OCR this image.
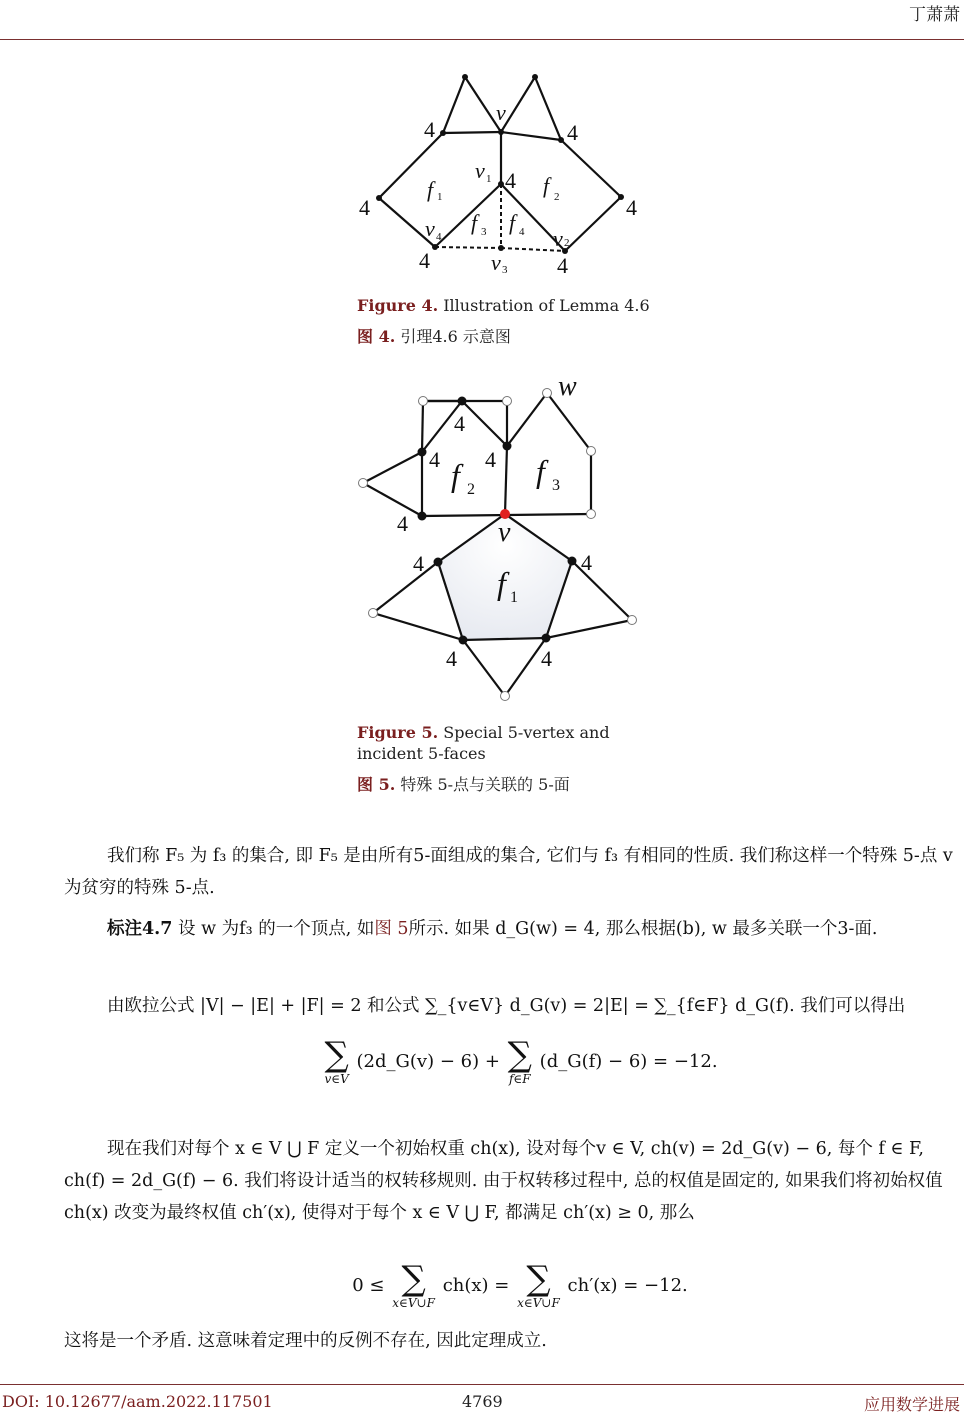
丁萧萧
v
v 1
v 2
v 3
v 4
f 1	f 2
f 3 f 4
4	4
4	4
4
4	4
Figure 4. Illustration of Lemma 4.6
图 4. 引理4.6 示意图
w
v
f 2
f 3
f 1
4
4 4
4
4	4
4	4
Figure 5. Special 5-vertex and
incident 5-faces
图 5. 特殊 5-点与关联的 5-面
我们称 F₅ 为 f₃ 的集合, 即 F₅ 是由所有5-面组成的集合, 它们与 f₃ 有相同的性质. 我们称这样一个特殊 5-点 v 为贫穷的特殊 5-点.
标注4.7 设 w 为f₃ 的一个顶点, 如图 5所示. 如果 d_G(w) = 4, 那么根据(b), w 最多关联一个3-面.
由欧拉公式 |V| − |E| + |F| = 2 和公式 ∑_{v∈V} d_G(v) = 2|E| = ∑_{f∈F} d_G(f). 我们可以得出
∑
v∈V
(2d_G(v) − 6) + ∑
f∈F
(d_G(f) − 6) = −12.
现在我们对每个 x ∈ V ⋃ F 定义一个初始权重 ch(x), 设对每个v ∈ V, ch(v) = 2d_G(v) − 6, 每个 f ∈ F, ch(f) = 2d_G(f) − 6. 我们将设计适当的权转移规则. 由于权转移过程中, 总的权值是固定的, 如果我们将初始权值 ch(x) 改变为最终权值 ch′(x), 使得对于每个 x ∈ V ⋃ F, 都满足 ch′(x) ≥ 0, 那么
0 ≤ ∑
x∈V∪F
ch(x) = ∑
x∈V∪F
ch′(x) = −12.
这将是一个矛盾. 这意味着定理中的反例不存在, 因此定理成立.
DOI: 10.12677/aam.2022.117501	4769	应用数学进展
